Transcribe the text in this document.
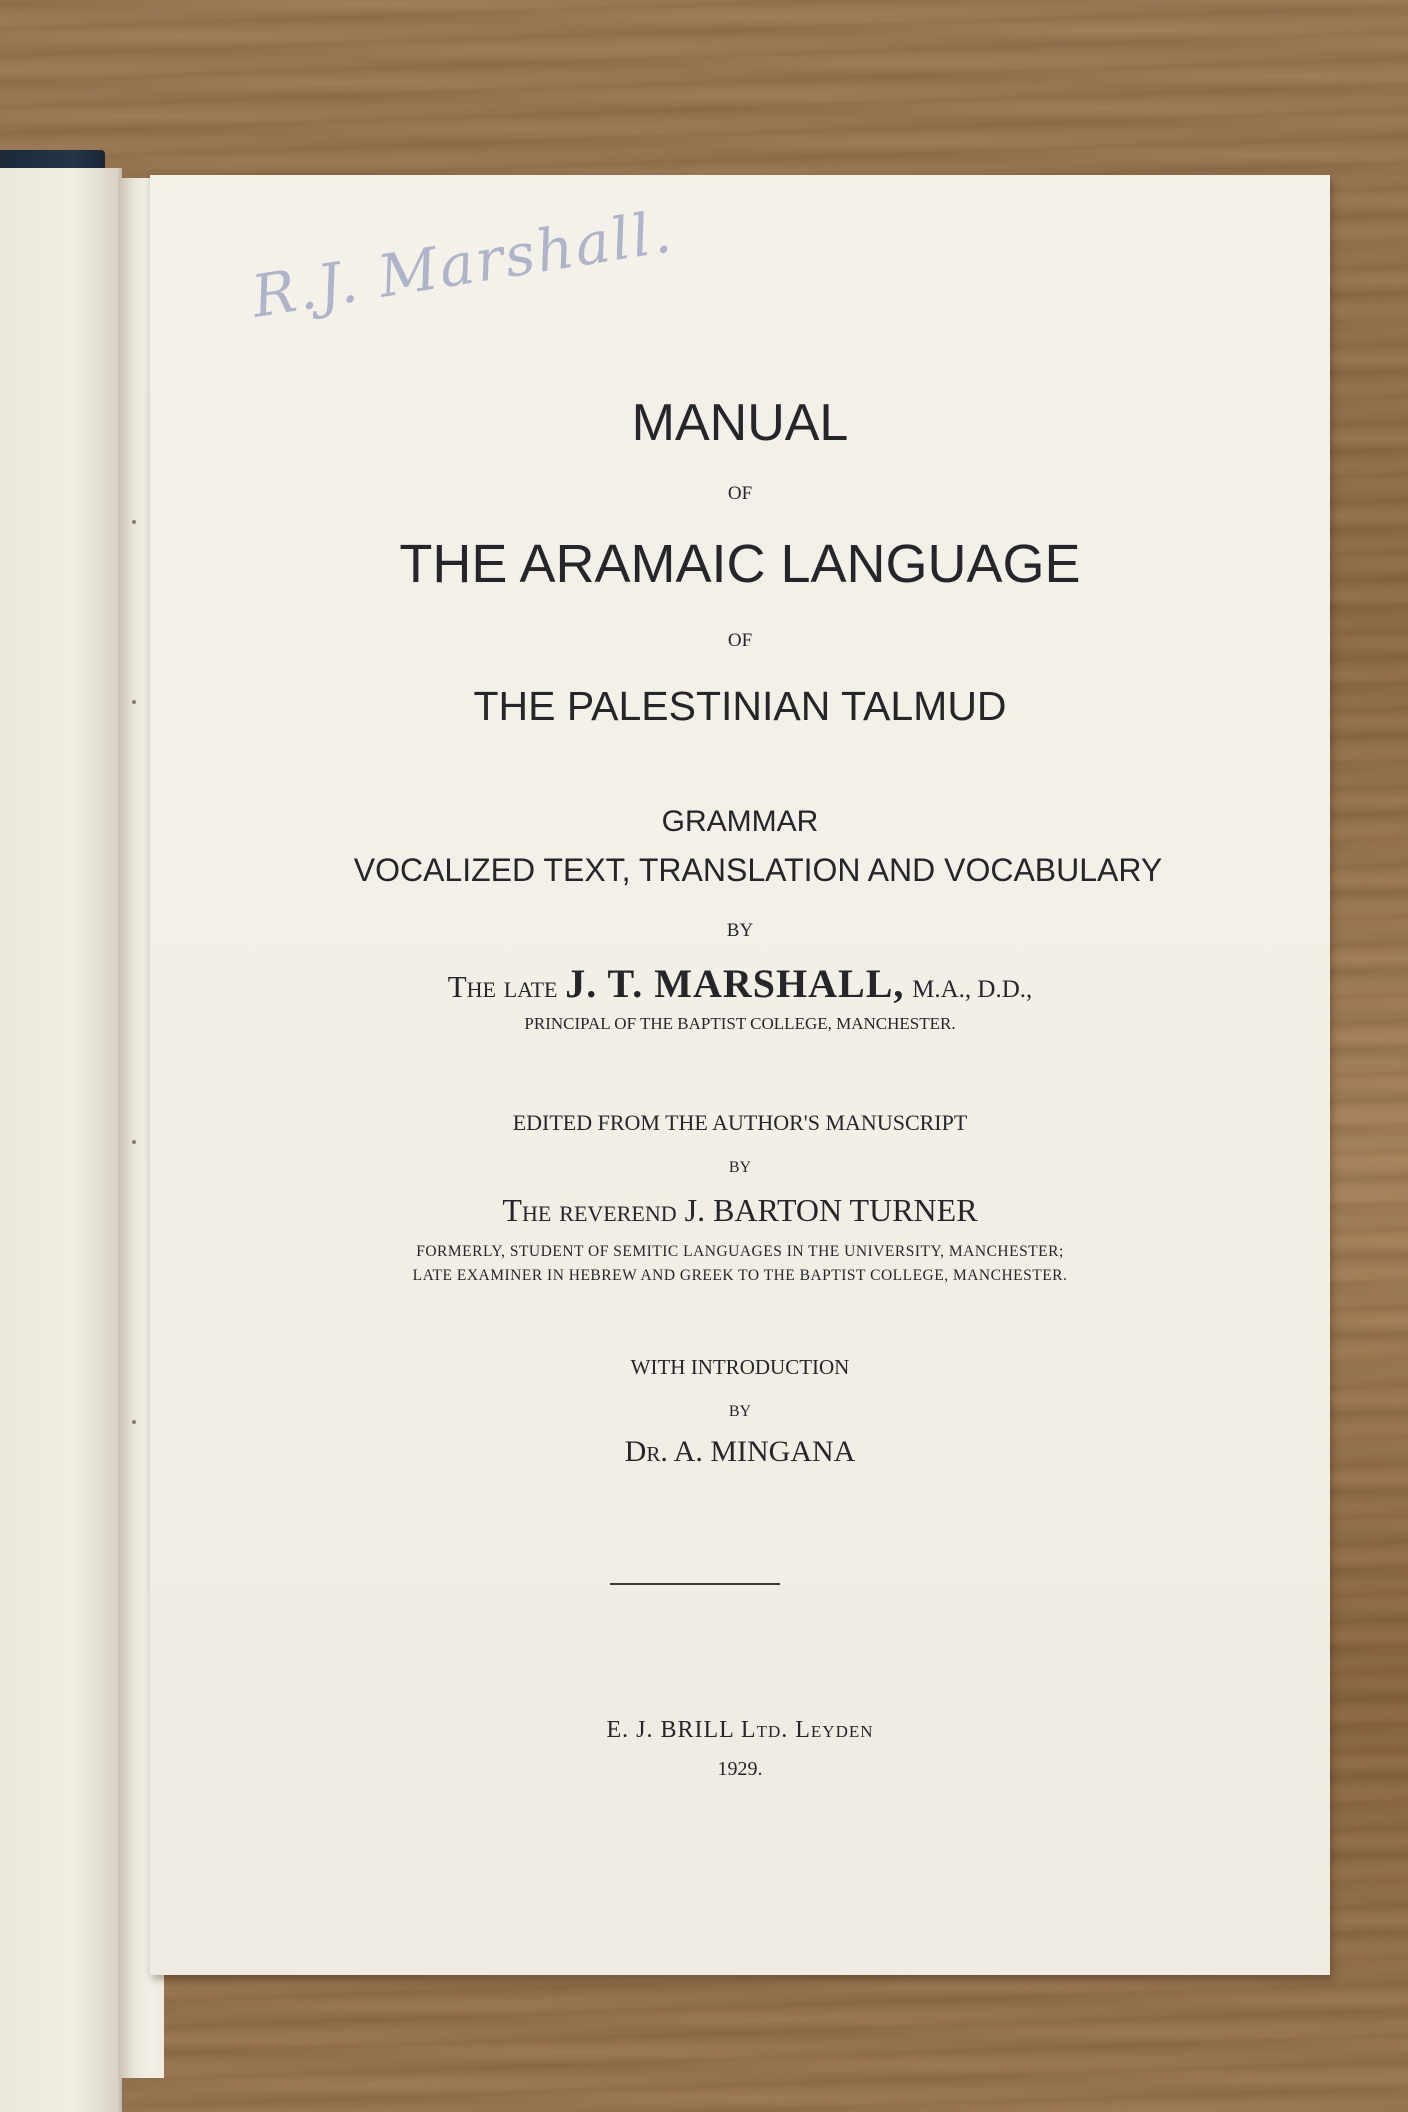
R.J. Marshall.

MANUAL

OF

THE ARAMAIC LANGUAGE

OF

THE PALESTINIAN TALMUD

GRAMMAR

VOCALIZED TEXT, TRANSLATION AND VOCABULARY

BY

The late J. T. MARSHALL, M.A., D.D.,

PRINCIPAL OF THE BAPTIST COLLEGE, MANCHESTER.

EDITED FROM THE AUTHOR'S MANUSCRIPT

BY

The reverend J. BARTON TURNER

FORMERLY, STUDENT OF SEMITIC LANGUAGES IN THE UNIVERSITY, MANCHESTER;

LATE EXAMINER IN HEBREW AND GREEK TO THE BAPTIST COLLEGE, MANCHESTER.

WITH INTRODUCTION

BY

Dr. A. MINGANA

E. J. BRILL Ltd. Leyden

1929.
